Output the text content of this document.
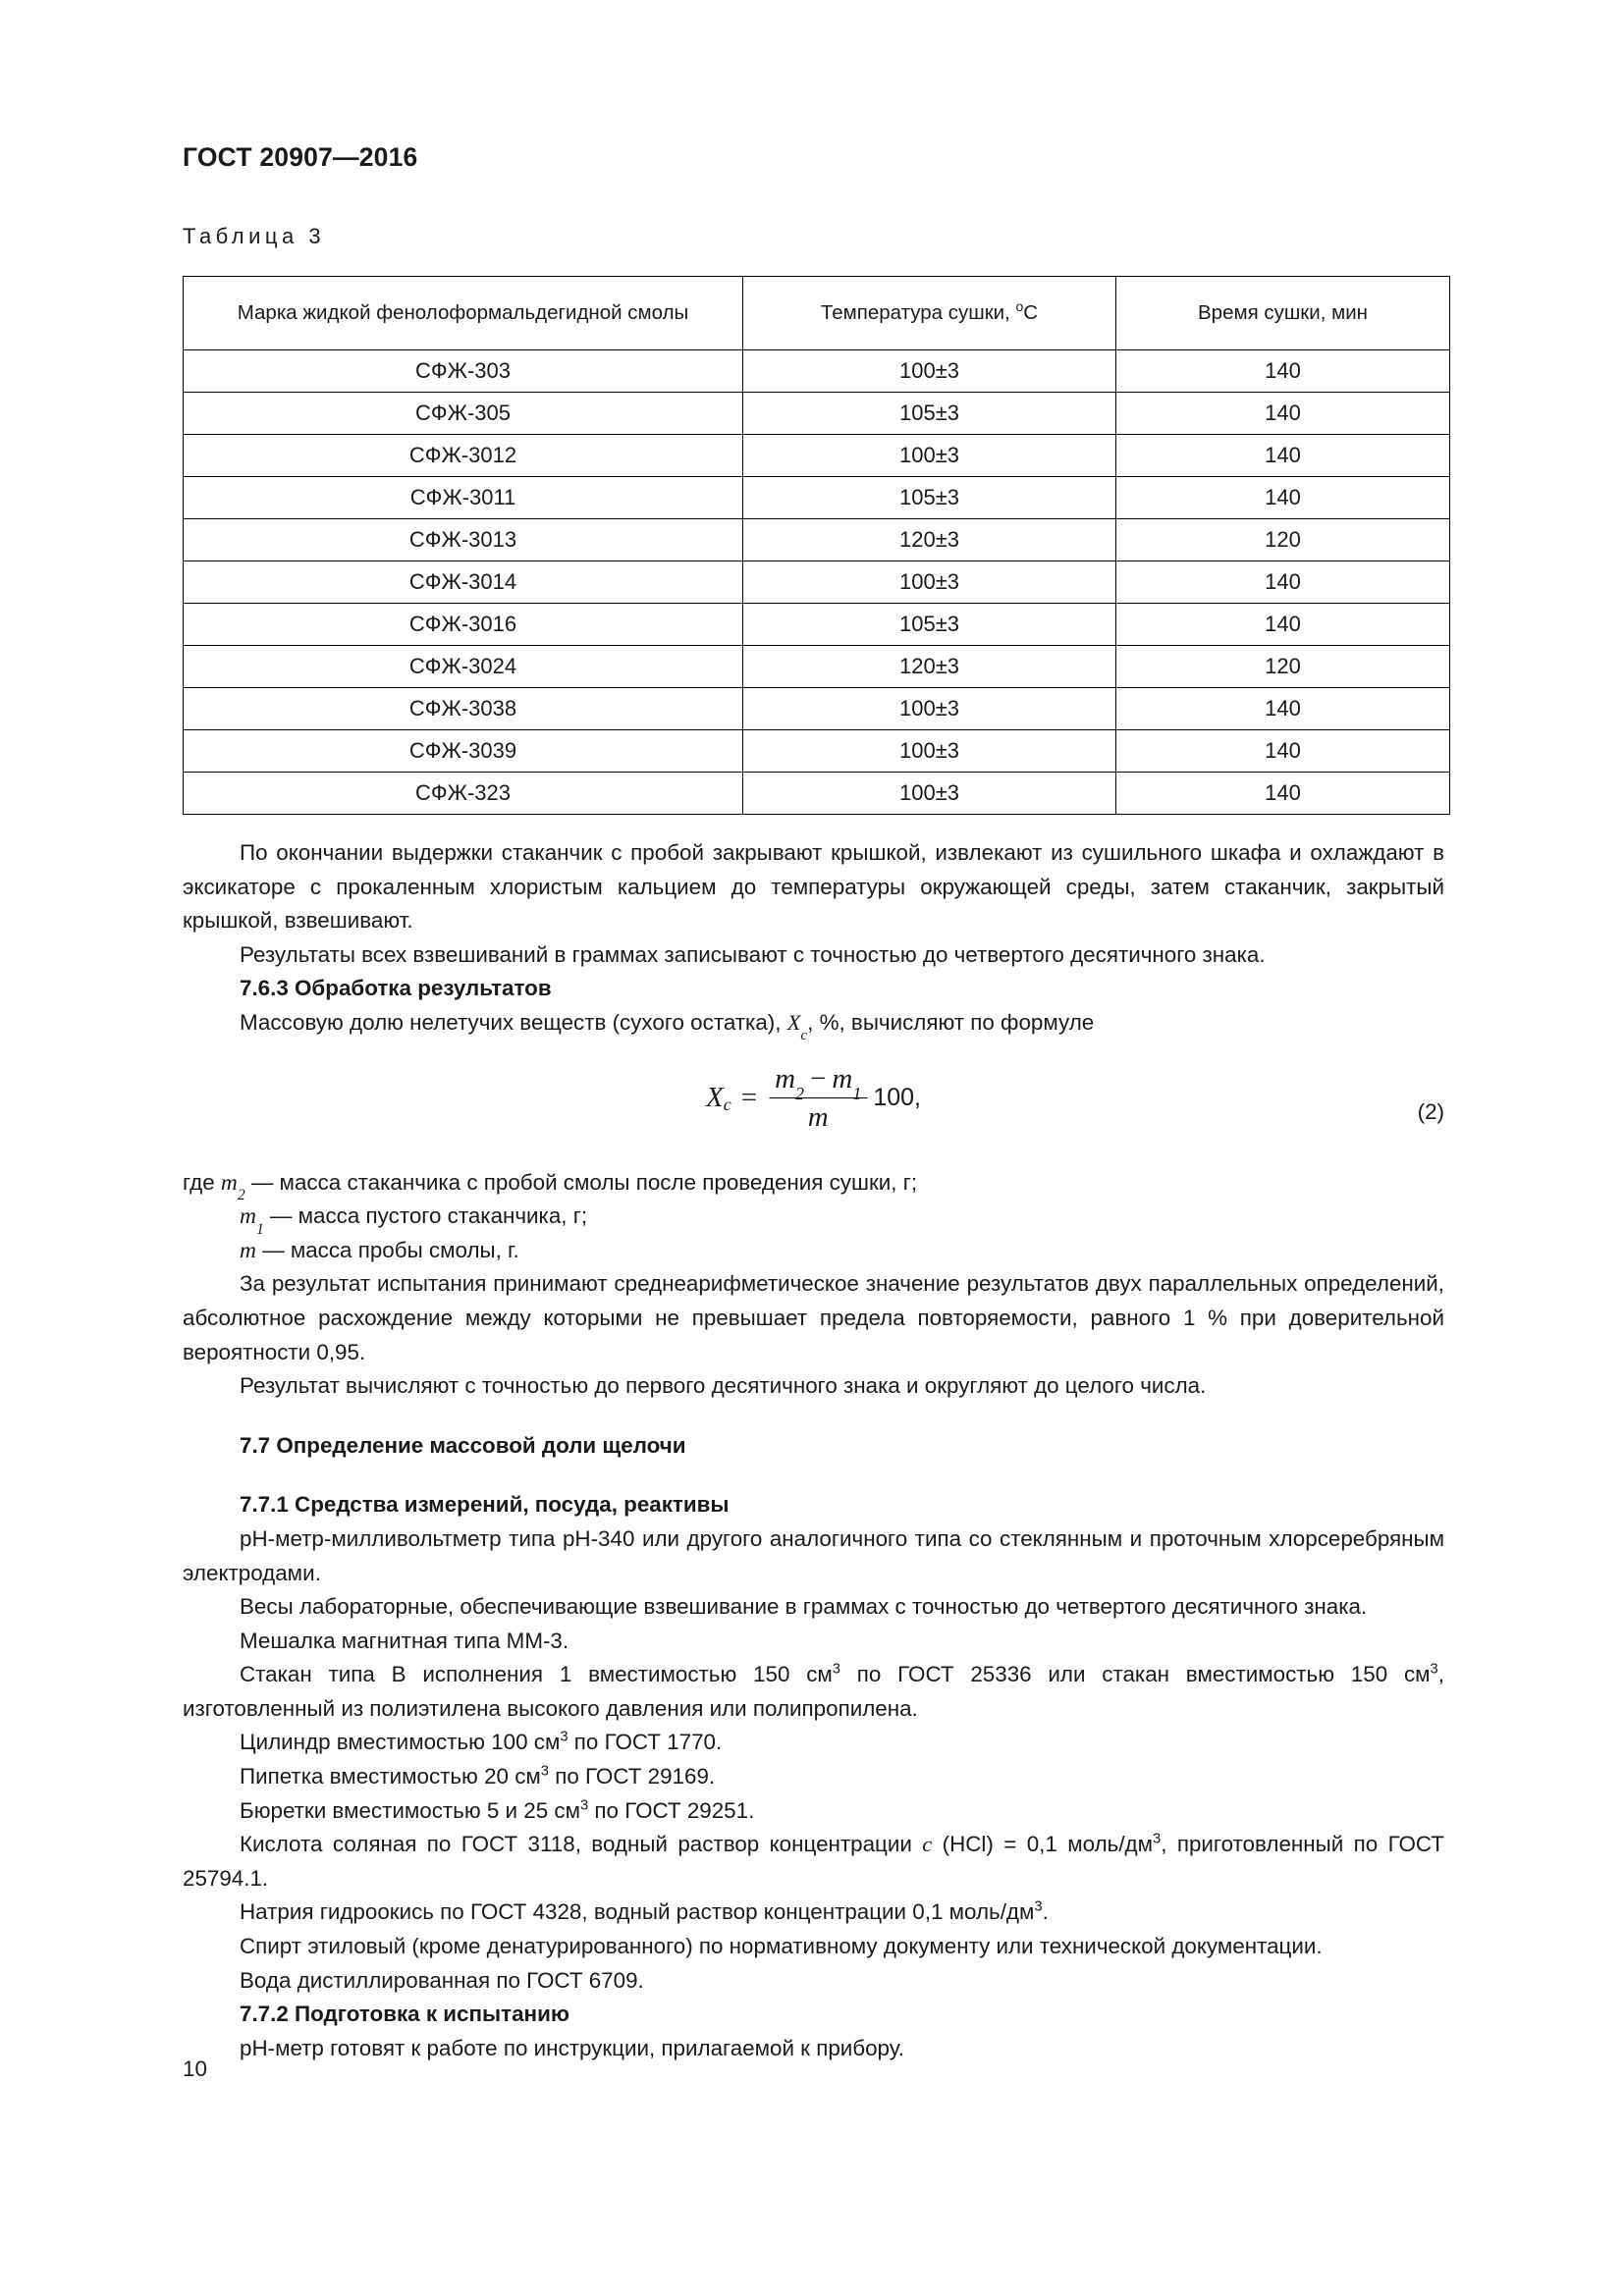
ГОСТ 20907—2016
Таблица 3
Марка жидкой фенолоформальдегидной смолы	Температура сушки, $^o$С	Время сушки, мин
СФЖ-303	100±3	140
СФЖ-305	105±3	140
СФЖ-3012	100±3	140
СФЖ-3011	105±3	140
СФЖ-3013	120±3	120
СФЖ-3014	100±3	140
СФЖ-3016	105±3	140
СФЖ-3024	120±3	120
СФЖ-3038	100±3	140
СФЖ-3039	100±3	140
СФЖ-323	100±3	140

По окончании выдержки стаканчик с пробой закрывают крышкой, извлекают из сушильного шкафа и охлаждают в эксикаторе с прокаленным хлористым кальцием до температуры окружающей среды, затем стаканчик, закрытый крышкой, взвешивают.

Результаты всех взвешиваний в граммах записывают с точностью до четвертого десятичного знака.

7.6.3 Обработка результатов

Массовую долю нелетучих веществ (сухого остатка), $X_c$, %, вычисляют по формуле

X $c = \frac{m_2 - m_1}{m} 100$,	(2)
где $m_2$ — масса стаканчика с пробой смолы после проведения сушки, г;
$m_1$ — масса пустого стаканчика, г;
m — масса пробы смолы, г.

За результат испытания принимают среднеарифметическое значение результатов двух параллельных определений, абсолютное расхождение между которыми не превышает предела повторяемости, равного 1 % при доверительной вероятности 0,95.

Результат вычисляют с точностью до первого десятичного знака и округляют до целого числа.

7.7 Определение массовой доли щелочи

7.7.1 Средства измерений, посуда, реактивы

pH-метр-милливольтметр типа рН-340 или другого аналогичного типа со стеклянным и проточным хлорсеребряным электродами.

Весы лабораторные, обеспечивающие взвешивание в граммах с точностью до четвертого десятичного знака.

Мешалка магнитная типа ММ-3.

Стакан типа В исполнения 1 вместимостью 150 $см^3$ по ГОСТ 25336 или стакан вместимостью 150 $см^3$, изготовленный из полиэтилена высокого давления или полипропилена.

Цилиндр вместимостью 100 $см^3$ по ГОСТ 1770.

Пипетка вместимостью 20 $см^3$ по ГОСТ 29169.

Бюретки вместимостью 5 и 25 $см^3$ по ГОСТ 29251.

Кислота соляная по ГОСТ 3118, водный раствор концентрации c (HCl) = 0,1 моль/$дм^3$, приготовленный по ГОСТ 25794.1.

Натрия гидроокись по ГОСТ 4328, водный раствор концентрации 0,1 моль/$дм^3$.

Спирт этиловый (кроме денатурированного) по нормативному документу или технической документации.

Вода дистиллированная по ГОСТ 6709.

7.7.2 Подготовка к испытанию

pH-метр готовят к работе по инструкции, прилагаемой к прибору.

10
